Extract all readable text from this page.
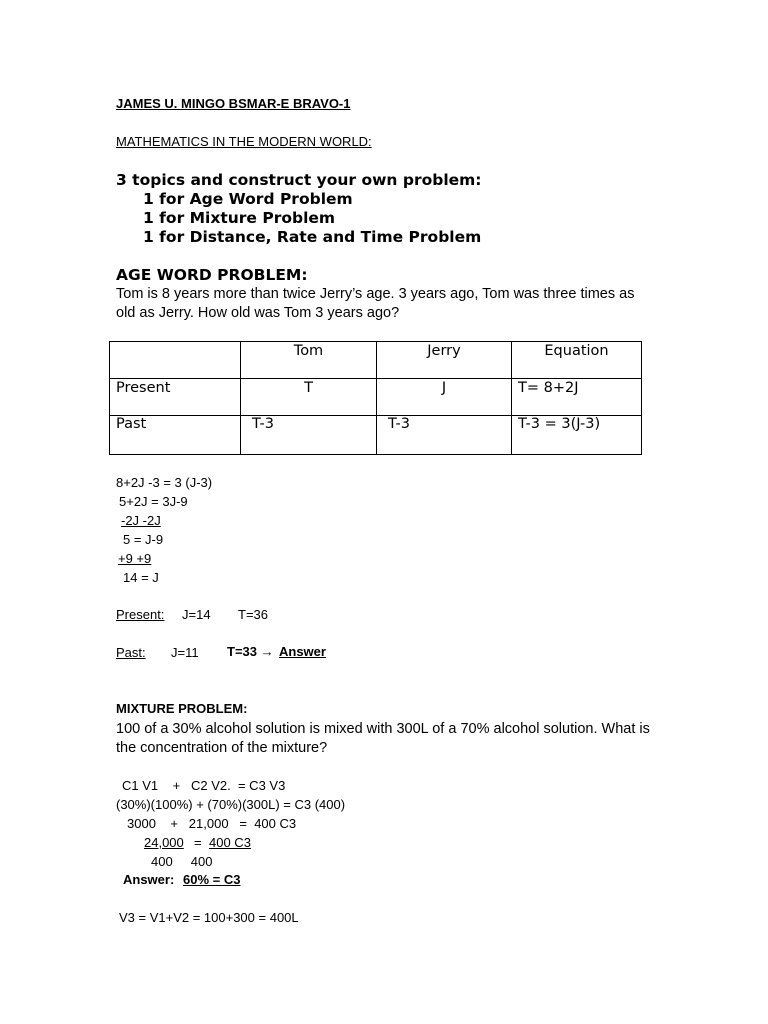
JAMES U. MINGO BSMAR-E BRAVO-1
MATHEMATICS IN THE MODERN WORLD:
3 topics and construct your own problem:
1 for Age Word Problem
1 for Mixture Problem
1 for Distance, Rate and Time Problem
AGE WORD PROBLEM:
Tom is 8 years more than twice Jerry’s age. 3 years ago, Tom was three times as old as Jerry. How old was Tom 3 years ago?
	Tom	Jerry	Equation
Present	T	J	T= 8+2J
Past	T-3	T-3	T-3 = 3(J-3)
8+2J -3 = 3 (J-3)
5+2J = 3J-9
-2J -2J
5 = J-9
+9 +9
14 = J
Present: J=14 T=36
Past: J=11 T=33 → Answer
MIXTURE PROBLEM:
100 of a 30% alcohol solution is mixed with 300L of a 70% alcohol solution. What is the concentration of the mixture?
C1 V1    +   C2 V2.  = C3 V3
(30%)(100%) + (70%)(300L) = C3 (400)
3000    +   21,000   =  400 C3
24,000 = 400 C3
400     400
Answer: 60% = C3
V3 = V1+V2 = 100+300 = 400L
